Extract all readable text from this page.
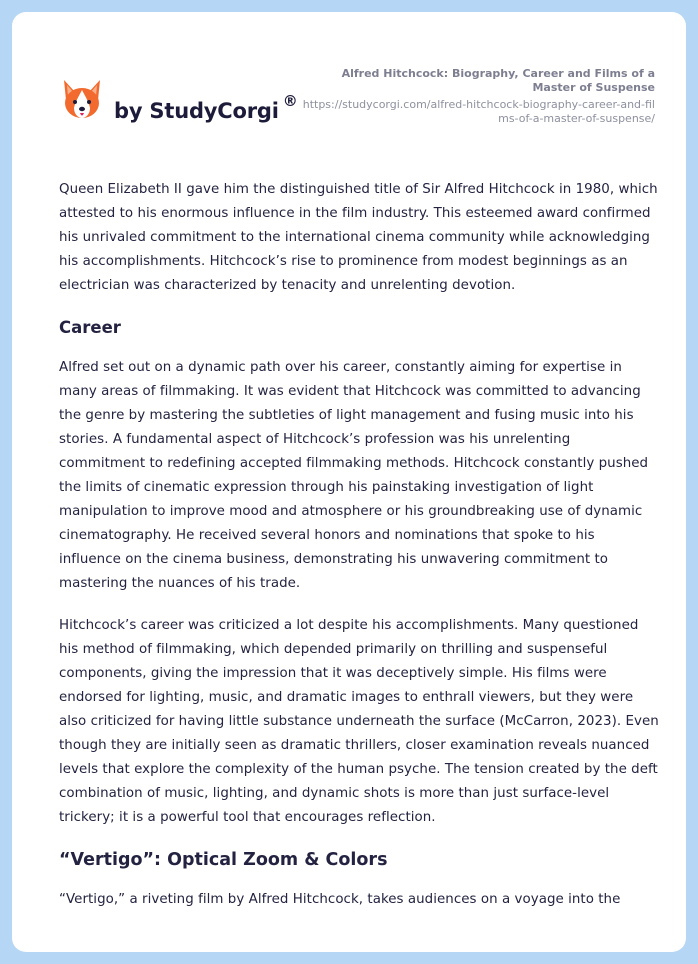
by StudyCorgi ®

Alfred Hitchcock: Biography, Career and Films of a Master of Suspense

https://studycorgi.com/alfred-hitchcock-biography-career-and-films-of-a-master-of-suspense/

Queen Elizabeth II gave him the distinguished title of Sir Alfred Hitchcock in 1980, which attested to his enormous influence in the film industry. This esteemed award confirmed his unrivaled commitment to the international cinema community while acknowledging his accomplishments. Hitchcock’s rise to prominence from modest beginnings as an electrician was characterized by tenacity and unrelenting devotion.

Career

Alfred set out on a dynamic path over his career, constantly aiming for expertise in many areas of filmmaking. It was evident that Hitchcock was committed to advancing the genre by mastering the subtleties of light management and fusing music into his stories. A fundamental aspect of Hitchcock’s profession was his unrelenting commitment to redefining accepted filmmaking methods. Hitchcock constantly pushed the limits of cinematic expression through his painstaking investigation of light manipulation to improve mood and atmosphere or his groundbreaking use of dynamic cinematography. He received several honors and nominations that spoke to his influence on the cinema business, demonstrating his unwavering commitment to mastering the nuances of his trade.

Hitchcock’s career was criticized a lot despite his accomplishments. Many questioned his method of filmmaking, which depended primarily on thrilling and suspenseful components, giving the impression that it was deceptively simple. His films were endorsed for lighting, music, and dramatic images to enthrall viewers, but they were also criticized for having little substance underneath the surface (McCarron, 2023). Even though they are initially seen as dramatic thrillers, closer examination reveals nuanced levels that explore the complexity of the human psyche. The tension created by the deft combination of music, lighting, and dynamic shots is more than just surface-level trickery; it is a powerful tool that encourages reflection.

“Vertigo”: Optical Zoom & Colors

“Vertigo,” a riveting film by Alfred Hitchcock, takes audiences on a voyage into the
